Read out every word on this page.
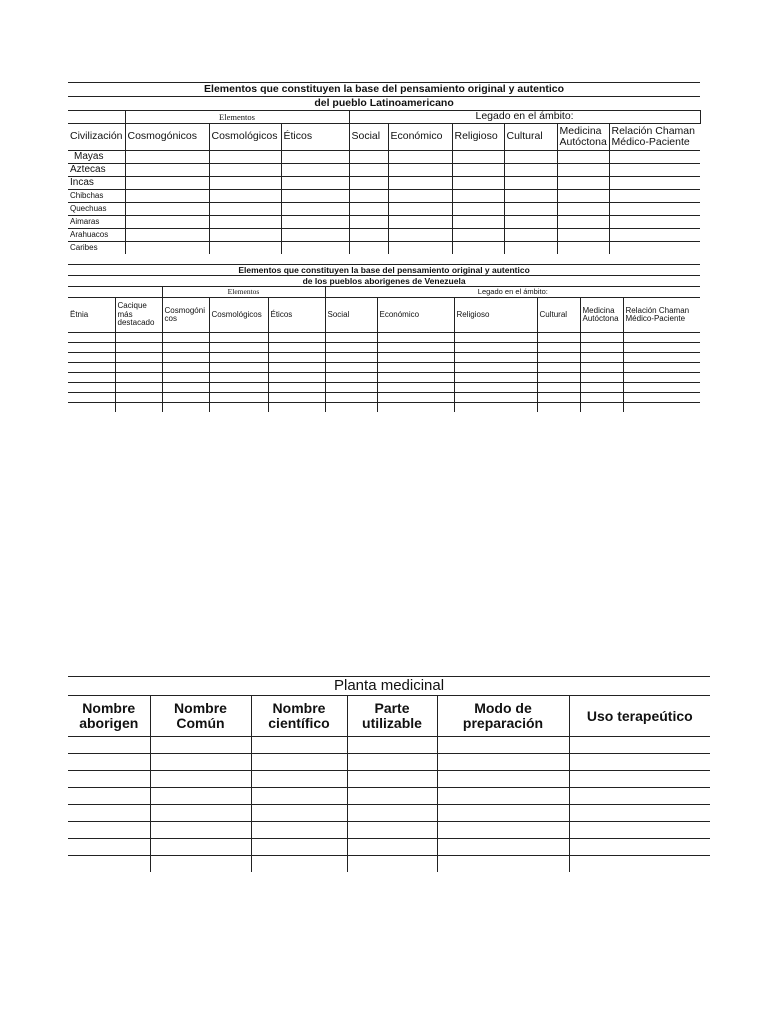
Elementos que constituyen la base del pensamiento original y autentico									
del pueblo Latinoamericano									
	Elementos			Legado en el ámbito:					
Civilización	Cosmogónicos	Cosmológicos	Éticos	Social	Económico	Religioso	Cultural	Medicina Autóctona	Relación Chaman Médico-Paciente
Mayas									
Aztecas									
Incas									
Chibchas									
Quechuas									
Aimaras									
Arahuacos									
Caribes									
Elementos que constituyen la base del pensamiento original y autentico										
de los pueblos aborigenes de Venezuela										
		Elementos			Legado en el ámbito:					
Ëtnia	Cacique más destacado	Cosmogóni cos	Cosmológicos	Éticos	Social	Económico	Religioso	Cultural	Medicina Autóctona	Relación Chaman Médico-Paciente

Planta medicinal					
Nombre aborigen	Nombre Común	Nombre científico	Parte utilizable	Modo de preparación	Uso terapeútico
